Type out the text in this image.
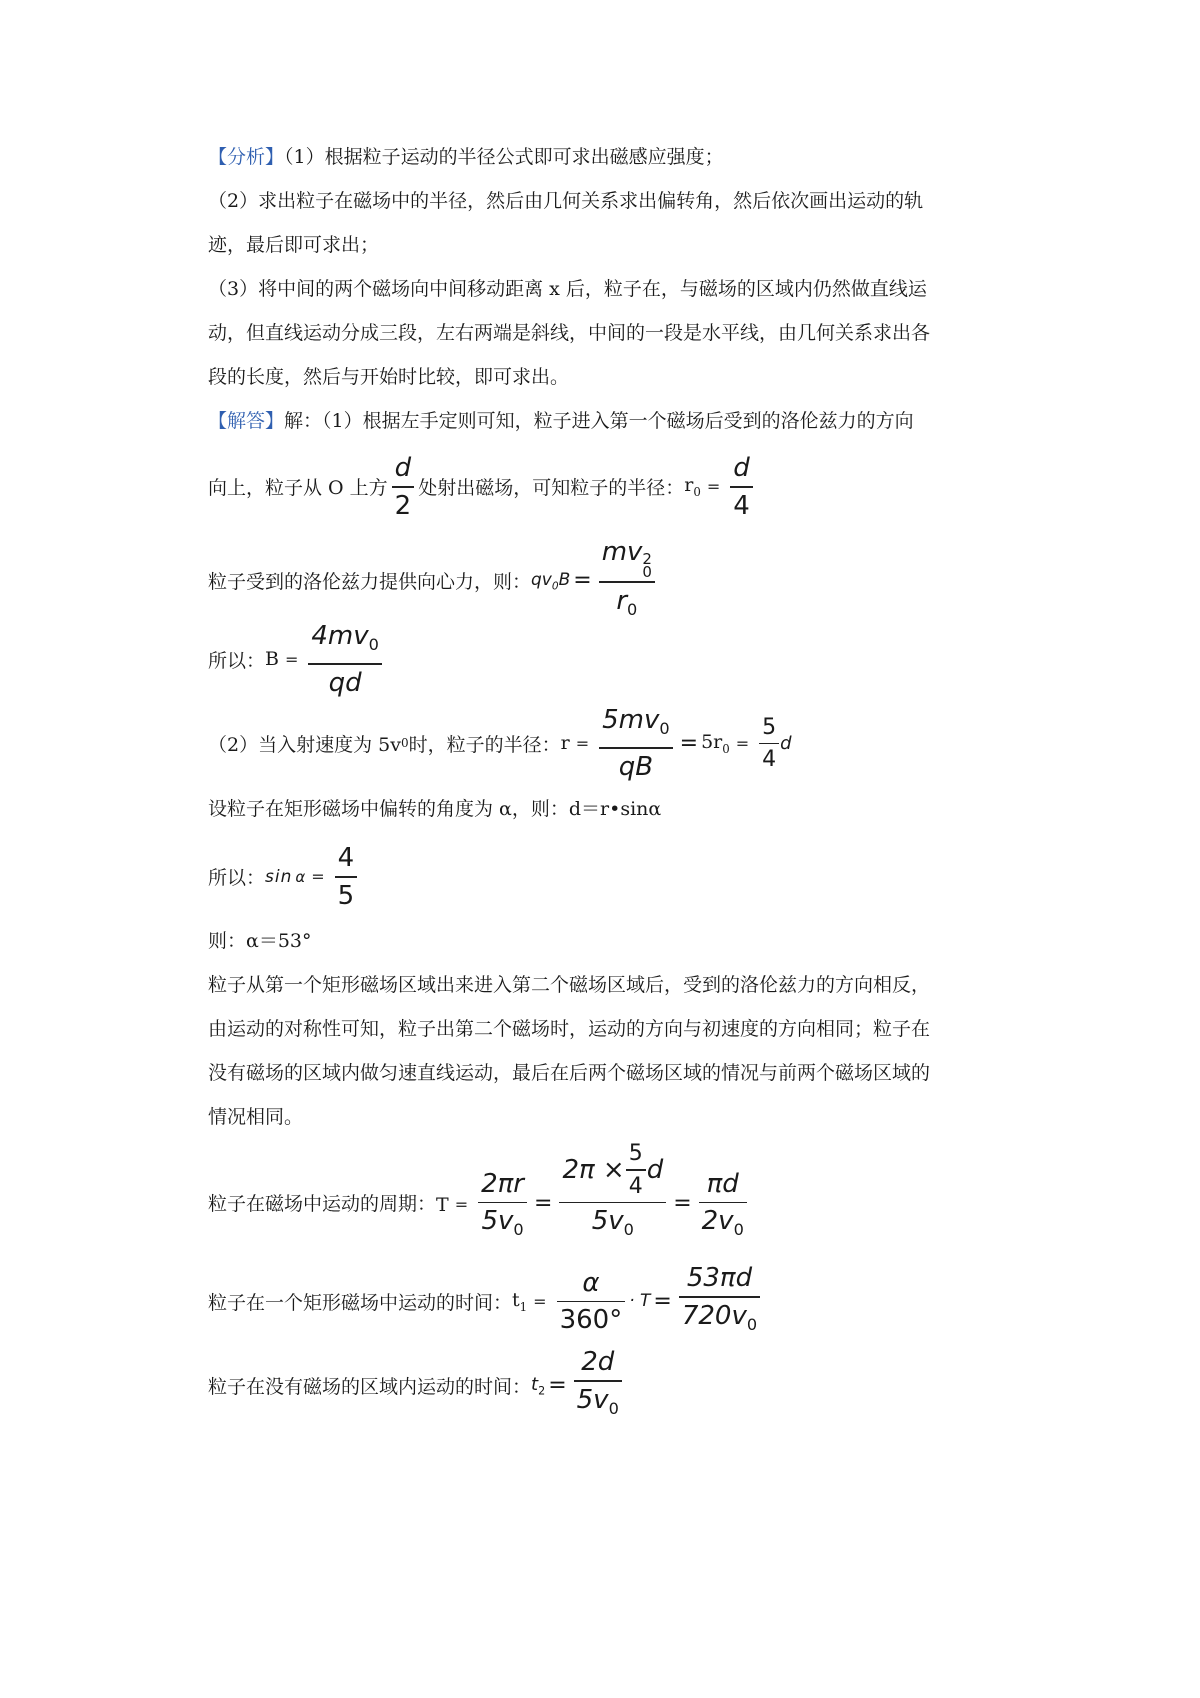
【分析】（1）根据粒子运动的半径公式即可求出磁感应强度；
（2）求出粒子在磁场中的半径，然后由几何关系求出偏转角，然后依次画出运动的轨
迹，最后即可求出；
（3）将中间的两个磁场向中间移动距离 x 后，粒子在，与磁场的区域内仍然做直线运
动，但直线运动分成三段，左右两端是斜线，中间的一段是水平线，由几何关系求出各
段的长度，然后与开始时比较，即可求出。
【解答】解：（1）根据左手定则可知，粒子进入第一个磁场后受到的洛伦兹力的方向
向上，粒子从 O 上方 $\frac{d}{2}$ 处射出磁场，可知粒子的半径： $r_0 = \frac{d}{4}$
粒子受到的洛伦兹力提供向心力，则： $qv_0B$ = mv 2
0
$r_0$
所以： $B = \frac{4mv_0}{qd}$
（2）当入射速度为 5v 0 时，粒子的半径： $r = \frac{5mv_0}{qB} = 5r_0 = \frac{5}{4}$ d
设粒子在矩形磁场中偏转的角度为 α，则：d＝r•sinα
所以： $\sin \alpha = \frac{4}{5}$
则：α＝53°
粒子从第一个矩形磁场区域出来进入第二个磁场区域后，受到的洛伦兹力的方向相反，
由运动的对称性可知，粒子出第二个磁场时，运动的方向与初速度的方向相同；粒子在
没有磁场的区域内做匀速直线运动，最后在后两个磁场区域的情况与前两个磁场区域的
情况相同。
粒子在磁场中运动的周期： $T = \frac{2\pi r}{5v_0}$ =
$2\pi \times \frac{5}{4}$ d
$5v_0$
= $\frac{\pi d}{2v_0}$
粒子在一个矩形磁场中运动的时间： $t_1 = \frac{\alpha}{360^\circ} \cdot T = \frac{53\pi d}{720v_0}$
粒子在没有磁场的区域内运动的时间： $t_2 = \frac{2d}{5v_0}$
